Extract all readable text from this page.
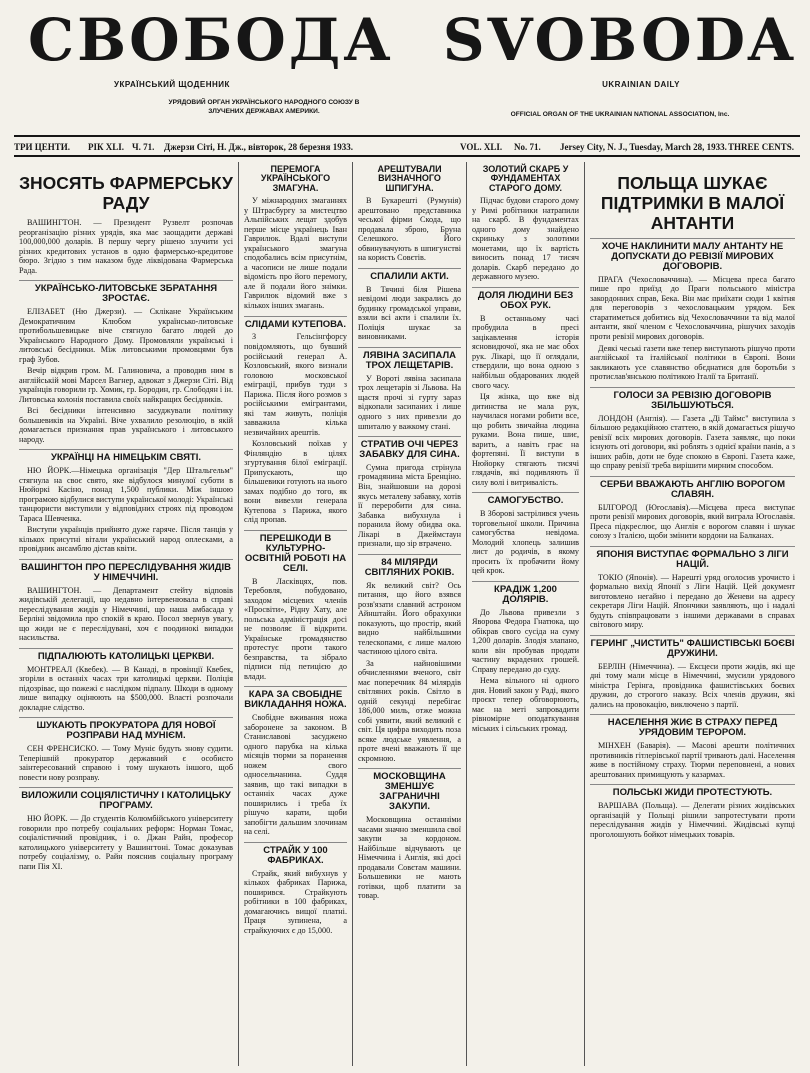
СВОБОДА SVOBODA
УКРАЇНСЬКИЙ ЩОДЕННИК	UKRAINIAN DAILY
УРЯДОВИЙ ОРГАН УКРАЇНСЬКОГО НАРОДНОГО СОЮЗУ В ЗЛУЧЕНИХ ДЕРЖАВАХ АМЕРИКИ.	OFFICIAL ORGAN OF THE UKRAINIAN NATIONAL ASSOCIATION, Inc.
ТРИ ЦЕНТИ. РІК XLI. Ч. 71. Джерзи Сіті, Н. Дж., вівторок, 28 березня 1933.	VOL. XLI. No. 71. Jersey City, N. J., Tuesday, March 28, 1933. THREE CENTS.
ЗНОСЯТЬ ФАРМЕРСЬКУ РАДУ

ВАШИНГТОН. — Президент Рузвелт розпочав реорганізацію різних урядів, яка має заощадити державі 100,000,000 доларів. В першу чергу рішено злучити усі різних кредитових установ в одно фармерсько-кредитове бюро. Згідно з тим наказом буде ліквідована Фармерська Рада.

УКРАЇНСЬКО-ЛИТОВСЬКЕ ЗБРАТАННЯ ЗРОСТАЄ.

ЕЛІЗАБЕТ (Ню Джерзи). — Склікане Українським Демократичним Клюбом українсько-литовське протибольшевицьке віче стягнуло багато людей до Українського Народного Дому. Промовляли українські і литовські бесідники. Між литовськими промовцями був граф Зубов.

Вечір відкрив гром. М. Галиновича, а проводив ним в англійській мові Марсел Вагнер, адвокат з Джерзи Сіті. Від українців говорили гр. Хомик, гр. Бородин, гр. Слободян і ін. Литовська колонія поставила своїх найкращих бесідників.

Всі бесідники інтенсивно засуджували політику большевиків на Україні. Віче ухвалило резолюцію, в якій домагається признання прав українського і литовського народу.

УКРАЇНЦІ НА НІМЕЦЬКІМ СВЯТІ.

НЮ ЙОРК.—Німецька організація "Дер Штальгельм" стягнула на своє свято, яке відбулося минулої суботи в Нюйоркі Касіно, понад 1,500 публики. Між іншою програмою відбулися виступи української молоді: Українські танцюристи виступили у відповідних строях під проводом Тараса Шевченка.

Виступи українців прийнято дуже гаряче. Після танців у кількох присутні вітали український народ оплесками, а провідник ансамблю дістав квіти.

ВАШИНГТОН ПРО ПЕРЕСЛІДУВАННЯ ЖИДІВ У НІМЕЧЧИНІ.

ВАШИНГТОН. — Департамент стейту відповів жидівській делегації, що недавно інтервенювала в справі переслідування жидів у Німеччині, що наша амбасада у Берліні звідомила про спокій в краю. Посол звернув увагу, що жиди не є переслідувані, хоч є поодинокі випадки насильства.

ПІДПАЛЮЮТЬ КАТОЛИЦЬКІ ЦЕРКВИ.

МОНТРЕАЛ (Квебек). — В Канаді, в провінції Квебек, згоріли в останніх часах три католицькі церкви. Поліція підозріває, що пожежі є наслідком підпалу. Шкоди в одному лише випадку оцінюють на $500,000. Власті розпочали докладне слідство.

ШУКАЮТЬ ПРОКУРАТОРА ДЛЯ НОВОЇ РОЗПРАВИ НАД МУНІЄМ.

СЕН ФРЕНСИСКО. — Тому Муніє будуть знову судити. Теперішній прокуратор державний є особисто заінтересований справою і тому шукають іншого, щоб повести нову розправу.

ВИЛОЖИЛИ СОЦІЯЛІСТИЧНУ І КАТОЛИЦЬКУ ПРОГРАМУ.

НЮ ЙОРК. — До студентів Колюмбійського університету говорили про потребу соціальних реформ: Норман Томас, соціалістичний провідник, і о. Джан Райн, професор католицького університету у Вашингтоні. Томас доказував потребу соціалізму, о. Райн пояснив соціальну програму папи Пія XI.

ПЕРЕМОГА УКРАЇНСЬКОГО ЗМАГУНА.

У міжнародних змаганнях у Штрасбургу за мистецтво Альпійських лещат здобув перше місце українець Іван Гаврилюк. Вдалі виступи українського змагуна сподобались всім присутнім, а часописи не лише подали відомість про його перемогу, але й подали його знімки. Гаврилюк відомий вже з кількох інших змагань.

СЛІДАМИ КУТЕПОВА.

З Гельсінгфорсу повідомляють, що бувший російський генерал А. Козловський, якого визнали головою московської еміграції, прибув туди з Парижа. Після його розмов з російськими емігрантами, які там живуть, поліція завважила кілька незвичайних арештів.

Козловський поїхав у Фінляндію в цілях згуртування білої еміграції. Припускають, що більшевики готують на нього замах подібно до того, як вони вивезли генерала Кутепова з Парижа, якого слід пропав.

ПЕРЕШКОДИ В КУЛЬТУРНО-ОСВІТНІЙ РОБОТІ НА СЕЛІ.

В Ласківцях, пов. Теребовля, побудовано, заходом місцевих членів «Просвіти», Рідну Хату, але польська адміністрація досі не позволяє її відкрити. Українське громадянство протестує проти такого безправства, та зібрало підписи під петицією до влади.

КАРА ЗА СВОБІДНЕ ВИКЛАДАННЯ НОЖА.

Свобідне вживання ножа заборонене за законом. В Станиславові засуджено одного парубка на кілька місяців тюрми за поранення ножем свого односельчанина. Суддя заявив, що такі випадки в останніх часах дуже поширились і треба їх рішучо карати, щоби запобігти дальшим злочинам на селі.

СТРАЙК У 100 ФАБРИКАХ.

Страйк, який вибухнув у кількох фабриках Парижа, поширився. Страйкують робітники в 100 фабриках, домагаючись вищої платні. Праця зупинена, а страйкуючих є до 15,000.

АРЕШТУВАЛИ ВИЗНАЧНОГО ШПИГУНА.

В Букарешті (Румунія) арештовано представника чеської фірми Скода, що продавала зброю, Бруна Селешкого. Його обвинувачують в шпигунстві на користь Совєтів.

СПАЛИЛИ АКТИ.

В Тячині біля Рішева невідомі люди закрались до будинку громадської управи, взяли всі акти і спалили їх. Поліція шукає за виновниками.

ЛЯВІНА ЗАСИПАЛА ТРОХ ЛЕЩЕТАРІВ.

У Вороті лявіна засипала трох лещетарів зі Львова. На щастя прочі зі гурту зараз відкопали засипаних і лише одного з них привезли до шпиталю у важкому стані.

СТРАТИВ ОЧІ ЧЕРЕЗ ЗАБАВКУ ДЛЯ СИНА.

Сумна пригода стрінула громадянина міста Бренціно. Він, знайшовши на дорозі якусь металеву забавку, хотів її переробити для сина. Забавка вибухнула і поранила йому обидва ока. Лікарі в Джеймстаун признали, що зір втрачено.

84 МІЛЯРДИ СВІТЛЯНИХ РОКІВ.

Як великий світ? Ось питання, що його взявся розв'язати славний астроном Айнштайн. Його обрахунки показують, що простір, який видно найбільшими телескопами, є лише малою частиною цілого світа.

За найновішими обчисленнями вченого, світ має поперечник 84 мілярдів світляних років. Світло в одній секунді перебігає 186,000 миль, отже можна собі уявити, який великий є світ. Ця цифра виходить поза всяке людське уявлення, а проте вчені вважають її ще скромною.

МОСКОВЩИНА ЗМЕНШУЄ ЗАГРАНИЧНІ ЗАКУПИ.

Московщина останніми часами значно зменшила свої закупи за кордоном. Найбільше відчувають це Німеччина і Англія, які досі продавали Совєтам машини. Большевики не мають готівки, щоб платити за товар.

ЗОЛОТИЙ СКАРБ У ФУНДАМЕНТАХ СТАРОГО ДОМУ.

Підчас будови старого дому у Римі робітники натрапили на скарб. В фундаментах одного дому знайдено скриньку з золотими монетами, що їх вартість виносить понад 17 тисяч доларів. Скарб передано до державного музею.

ДОЛЯ ЛЮДИНИ БЕЗ ОБОХ РУК.

В останньому часі пробудила в пресі зацікавлення історія ясновидючої, яка не має обох рук. Лікарі, що її оглядали, ствердили, що вона одною з найбільш обдарованих людей свого часу.

Ця жінка, що вже від дитинства не мала рук, научилася ногами робити все, що робить звичайна людина руками. Вона пише, шиє, варить, а навіть грає на фортепяні. Її виступи в Нюйорку стягають тисячі глядачів, які подивляють її силу волі і витривалість.

САМОГУБСТВО.

В Зборові застрілився учень торговельної школи. Причина самогубства невідома. Молодий хлопець залишив лист до родичів, в якому просить їх пробачити йому цей крок.

КРАДІЖ 1,200 ДОЛЯРІВ.

До Львова привезли з Яворова Федора Гнатюка, що обікрав свого сусіда на суму 1,200 доларів. Злодія злапано, коли він пробував продати частину вкрадених грошей. Справу передано до суду.

Нема вільного ні одного дня. Новий закон у Раді, якого проєкт тепер обговорюють, має на меті запровадити рівномірне оподаткування міських і сільських громад.

ПОЛЬЩА ШУКАЄ ПІДТРИМКИ В МАЛОЇ АНТАНТИ
ХОЧЕ НАКЛИНИТИ МАЛУ АНТАНТУ НЕ ДОПУСКАТИ ДО РЕВІЗІЇ МИРОВИХ ДОГОВОРІВ.

ПРАГА (Чехословаччина). — Місцева преса багато пише про приїзд до Праги польського міністра закордонних справ, Бека. Він має приїхати сюди 1 квітня для переговорів з чехословацьким урядом. Бек старатиметься добитись від Чехословаччини та від малої антанти, якої членом є Чехословаччина, рішучих заходів проти ревізії мирових договорів.

Деякі чеські газети вже тепер виступають рішучо проти англійської та італійської політики в Європі. Вони закликають усе славянство обєднатися для боротьби з протислав'янською політикою Італії та Британії.

ГОЛОСИ ЗА РЕВІЗІЮ ДОГОВОРІВ ЗБІЛЬШУЮТЬСЯ.

ЛОНДОН (Англія). — Газета „Ді Таймс" виступила з більшою редакційною статтею, в якій домагається рішучо ревізії всіх мирових договорів. Газета заявляє, що поки існують оті договори, які роблять з однієї країни панів, а з інших рабів, доти не буде спокою в Європі. Газета каже, що справу ревізії треба вирішити мирним способом.

СЕРБИ ВВАЖАЮТЬ АНГЛІЮ ВОРОГОМ СЛАВЯН.

БІЛГОРОД (Югославія).—Місцева преса виступає проти ревізії мирових договорів, який виграла Югославія. Преса підкреслює, що Англія є ворогом славян і шукає союзу з Італією, щоби змінити кордони на Балканах.

ЯПОНІЯ ВИСТУПАЄ ФОРМАЛЬНО З ЛІГИ НАЦІЙ.

ТОКІО (Японія). — Нарешті уряд оголосив урочисто і формально вихід Японії з Ліги Націй. Цей документ виготовлено негайно і передано до Женеви на адресу секретаря Ліги Націй. Япончики заявляють, що і надалі будуть співпрацювати з іншими державами в справах світового миру.

ГЕРИНГ „ЧИСТИТЬ" ФАШИСТІВСЬКІ БОЄВІ ДРУЖИНИ.

БЕРЛІН (Німеччина). — Ексцеси проти жидів, які ще дні тому мали місце в Німеччині, змусили урядового міністра Герінга, провідника фашистівських боєвих дружин, до строгого наказу. Всіх членів дружин, які дались на провокацію, виключено з партії.

НАСЕЛЕННЯ ЖИЄ В СТРАХУ ПЕРЕД УРЯДОВИМ ТЕРОРОМ.

МІНХЕН (Баварія). — Масові арешти політичних противників гітлерівської партії тривають далі. Населення живе в постійному страху. Тюрми переповнені, а нових арештованих примищують у казармах.

ПОЛЬСЬКІ ЖИДИ ПРОТЕСТУЮТЬ.

ВАРШАВА (Польща). — Делегати різних жидівських організацій у Польщі рішили запротестувати проти переслідування жидів у Німеччині. Жидівські купці проголошують бойкот німецьких товарів.
